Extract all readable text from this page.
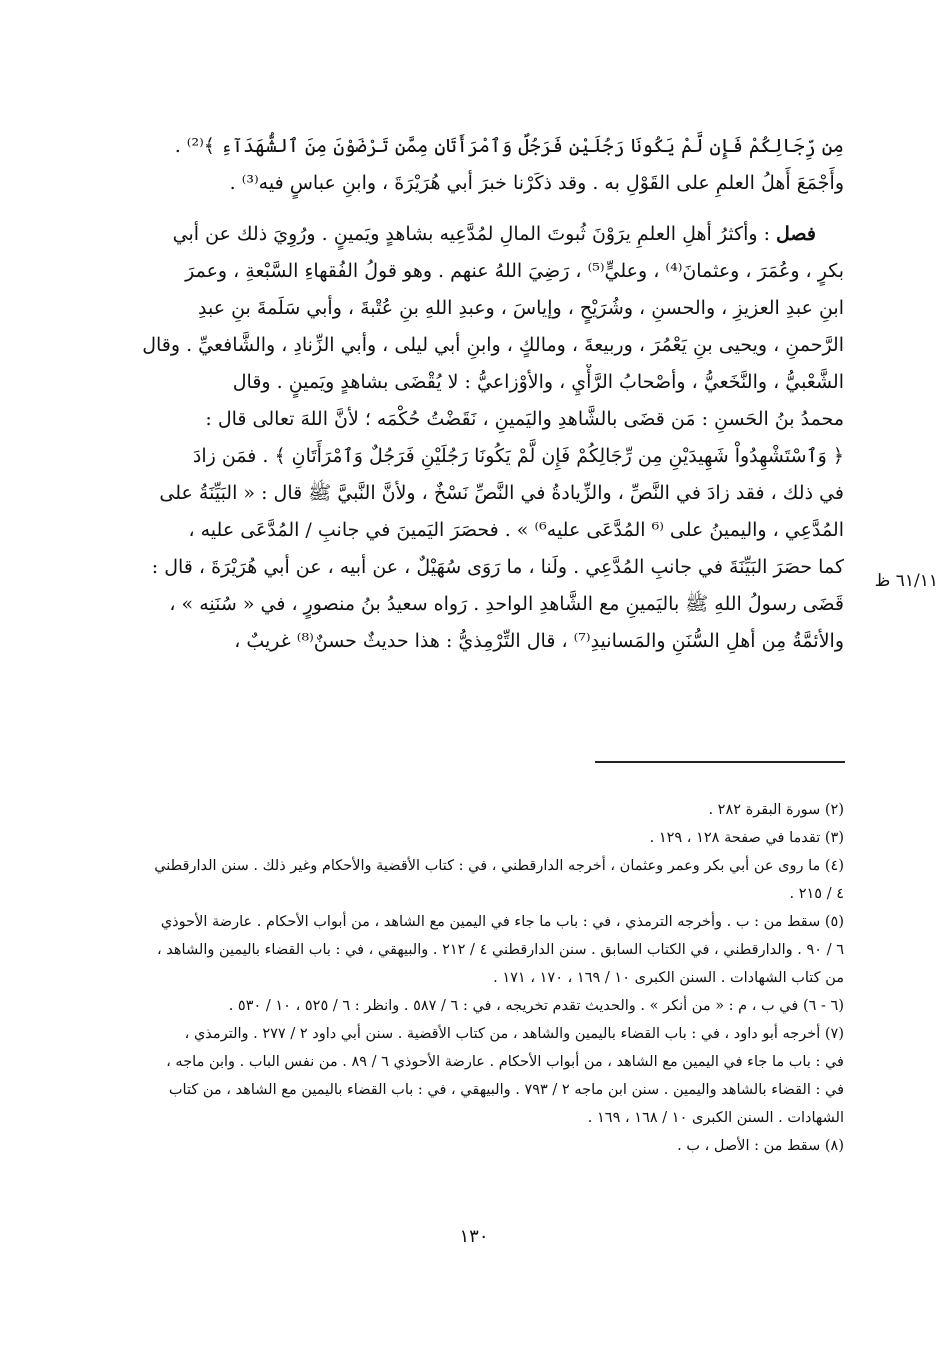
مِن رِّجَالِكُمْ فَإِن لَّمْ يَكُونَا رَجُلَيْنِ فَرَجُلٌ وَٱمْرَأَتَانِ مِمَّن تَرْضَوْنَ مِنَ ٱلشُّهَدَآءِ ﴾⁽²⁾ .
وأَجْمَعَ أَهلُ العلمِ على القَوْلِ به . وقد ذكَرْنا خبرَ أبي هُرَيْرَةَ ، وابنِ عباسٍ فيه⁽³⁾ .
فصل : وأكثرُ أهلِ العلمِ يرَوْنَ ثُبوتَ المالِ لمُدَّعِيه بشاهدٍ ويَمينٍ . ورُوِيَ ذلك عن أبي
بكرٍ ، وعُمَرَ ، وعثمانَ⁽⁴⁾ ، وعليٍّ⁽⁵⁾ ، رَضِيَ اللهُ عنهم . وهو قولُ الفُقهاءِ السَّبْعةِ ، وعمرَ
ابنِ عبدِ العزيزِ ، والحسنِ ، وشُرَيْحٍ ، وإياسَ ، وعبدِ اللهِ بنِ عُتْبةَ ، وأبي سَلَمةَ بنِ عبدِ
الرَّحمنِ ، ويحيى بنِ يَعْمُرَ ، وربيعةَ ، ومالكٍ ، وابنِ أبي ليلى ، وأبي الزِّنادِ ، والشَّافعيِّ . وقال
الشَّعْبيُّ ، والنَّخَعيُّ ، وأصْحابُ الرَّأْيِ ، والأوْزاعيُّ : لا يُقْضَى بشاهدٍ ويَمينٍ . وقال
محمدُ بنُ الحَسنِ : مَن قضَى بالشَّاهدِ واليَمينِ ، نَقَضْتُ حُكْمَه ؛ لأنَّ اللهَ تعالى قال :
﴿ وَٱسْتَشْهِدُواْ شَهِيدَيْنِ مِن رِّجَالِكُمْ فَإِن لَّمْ يَكُونَا رَجُلَيْنِ فَرَجُلٌ وَٱمْرَأَتَانِ ﴾ . فمَن زادَ
في ذلك ، فقد زادَ في النَّصِّ ، والزِّيادةُ في النَّصِّ نَسْخٌ ، ولأنَّ النَّبيَّ ﷺ قال : « البَيِّنَةُ على
المُدَّعِي ، واليمينُ على ⁽⁶ المُدَّعَى عليه⁶⁾ » . فحصَرَ اليَمينَ في جانبِ / المُدَّعَى عليه ،
كما حصَرَ البَيِّنَةَ في جانبِ المُدَّعِي . ولَنا ، ما رَوَى سُهَيْلٌ ، عن أبيه ، عن أبي هُرَيْرَةَ ، قال :
قَضَى رسولُ اللهِ ﷺ باليَمينِ مع الشَّاهدِ الواحدِ . رَواه سعيدُ بنُ منصورٍ ، في « سُنَنِه » ،
والأئمَّةُ مِن أهلِ السُّنَنِ والمَسانيدِ⁽⁷⁾ ، قال التِّرْمِذيُّ : هذا حديثٌ حسنٌ⁽⁸⁾ غريبٌ ،
٦١/١١ ظ
(٢) سورة البقرة ٢٨٢ .
(٣) تقدما في صفحة ١٢٨ ، ١٢٩ .
(٤) ما روى عن أبي بكر وعمر وعثمان ، أخرجه الدارقطني ، في : كتاب الأقضية والأحكام وغير ذلك . سنن الدارقطني
٤ / ٢١٥ .
(٥) سقط من : ب . وأخرجه الترمذي ، في : باب ما جاء في اليمين مع الشاهد ، من أبواب الأحكام . عارضة الأحوذي
٦ / ٩٠ . والدارقطني ، في الكتاب السابق . سنن الدارقطني ٤ / ٢١٢ . والبيهقي ، في : باب القضاء باليمين والشاهد ،
من كتاب الشهادات . السنن الكبرى ١٠ / ١٦٩ ، ١٧٠ ، ١٧١ .
(٦ - ٦) في ب ، م : « من أنكر » . والحديث تقدم تخريجه ، في : ٦ / ٥٨٧ . وانظر : ٦ / ٥٢٥ ، ١٠ / ٥٣٠ .
(٧) أخرجه أبو داود ، في : باب القضاء باليمين والشاهد ، من كتاب الأقضية . سنن أبي داود ٢ / ٢٧٧ . والترمذي ،
في : باب ما جاء في اليمين مع الشاهد ، من أبواب الأحكام . عارضة الأحوذي ٦ / ٨٩ . من نفس الباب . وابن ماجه ،
في : القضاء بالشاهد واليمين . سنن ابن ماجه ٢ / ٧٩٣ . والبيهقي ، في : باب القضاء باليمين مع الشاهد ، من كتاب
الشهادات . السنن الكبرى ١٠ / ١٦٨ ، ١٦٩ .
(٨) سقط من : الأصل ، ب .
١٣٠
